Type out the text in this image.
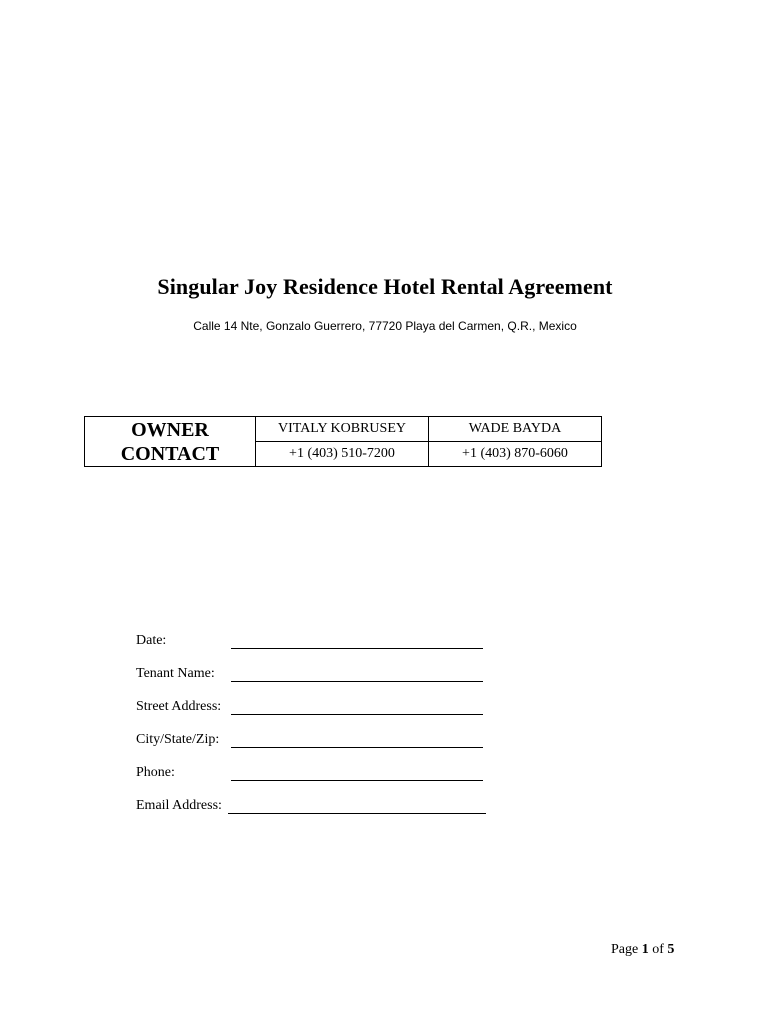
Singular Joy Residence Hotel Rental Agreement
Calle 14 Nte, Gonzalo Guerrero, 77720 Playa del Carmen, Q.R., Mexico
OWNER
CONTACT	VITALY KOBRUSEY	WADE BAYDA
	+1 (403) 510-7200	+1 (403) 870-6060
Date:
Tenant Name:
Street Address:
City/State/Zip:
Phone:
Email Address:
Page 1 of 5
